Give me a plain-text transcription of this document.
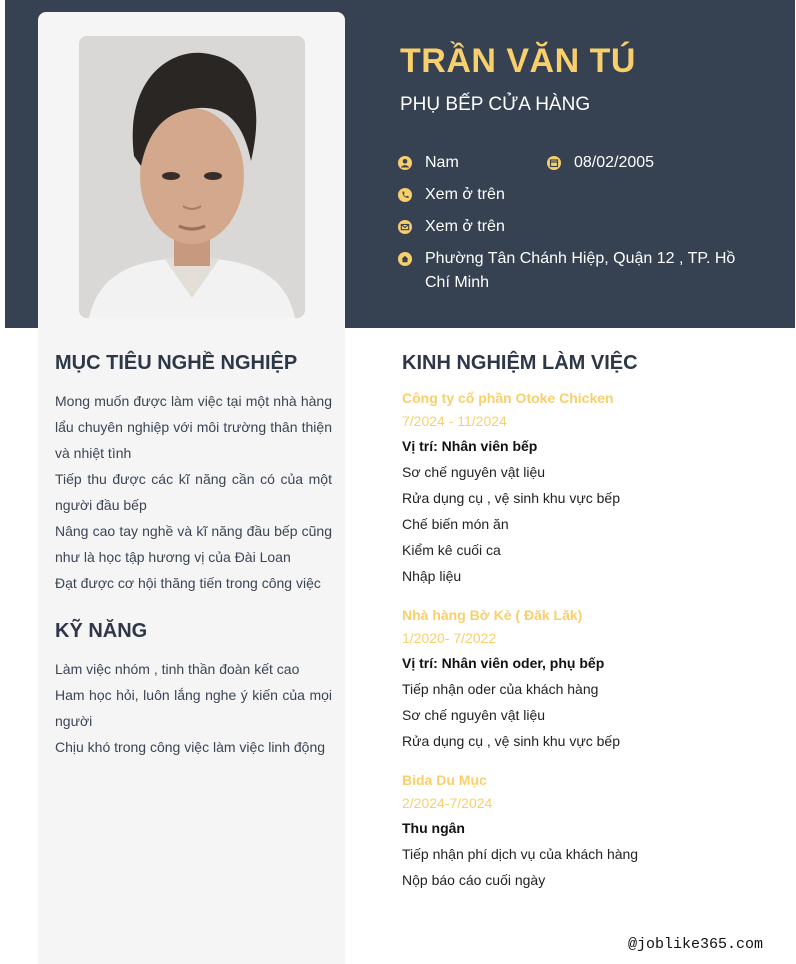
TRẦN VĂN TÚ
PHỤ BẾP CỬA HÀNG
Nam	08/02/2005
Xem ở trên
Xem ở trên
Phường Tân Chánh Hiệp, Quận 12 , TP. Hồ Chí Minh
MỤC TIÊU NGHỀ NGHIỆP
Mong muốn được làm việc tại một nhà hàng lẩu chuyên nghiệp với môi trường thân thiện và nhiệt tình
Tiếp thu được các kĩ năng cần có của một người đầu bếp
Nâng cao tay nghề và kĩ năng đầu bếp cũng như là học tập hương vị của Đài Loan
Đạt được cơ hội thăng tiến trong công việc
KỸ NĂNG
Làm việc nhóm , tinh thần đoàn kết cao
Ham học hỏi, luôn lắng nghe ý kiến của mọi người
Chịu khó trong công việc làm việc linh động
KINH NGHIỆM LÀM VIỆC
Công ty cổ phần Otoke Chicken
7/2024 - 11/2024
Vị trí: Nhân viên bếp
Sơ chế nguyên vật liệu
Rửa dụng cụ , vệ sinh khu vực bếp
Chế biến món ăn
Kiểm kê cuối ca
Nhập liệu
Nhà hàng Bờ Kè ( Đăk Lăk)
1/2020- 7/2022
Vị trí: Nhân viên oder, phụ bếp
Tiếp nhận oder của khách hàng
Sơ chế nguyên vật liệu
Rửa dụng cụ , vệ sinh khu vực bếp
Bida Du Mục
2/2024-7/2024
Thu ngân
Tiếp nhận phí dịch vụ của khách hàng
Nộp báo cáo cuối ngày
@joblike365.com
